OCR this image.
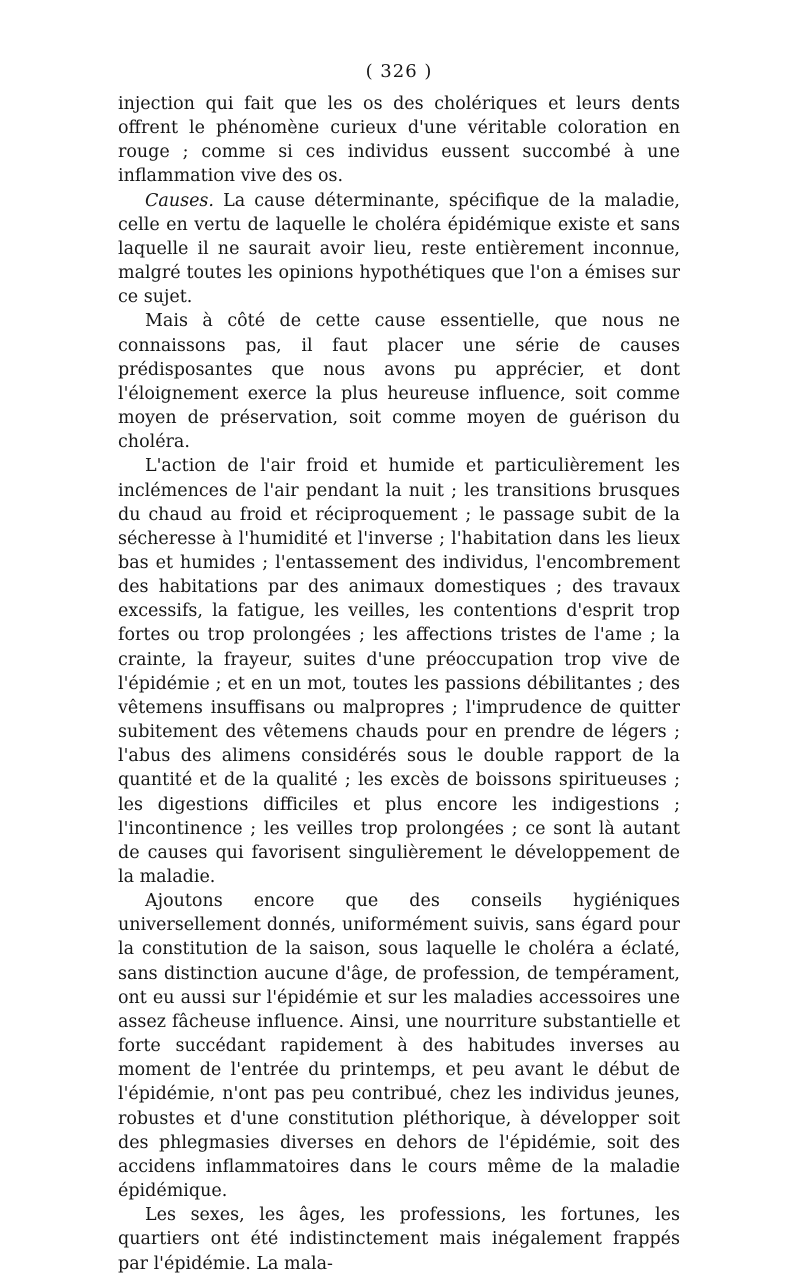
( 326 )

injection qui fait que les os des cholériques et leurs dents offrent le phénomène curieux d'une véritable coloration en rouge ; comme si ces individus eussent succombé à une inflammation vive des os.

Causes. La cause déterminante, spécifique de la maladie, celle en vertu de laquelle le choléra épidémique existe et sans laquelle il ne saurait avoir lieu, reste entièrement inconnue, malgré toutes les opinions hypothétiques que l'on a émises sur ce sujet.

Mais à côté de cette cause essentielle, que nous ne connaissons pas, il faut placer une série de causes prédisposantes que nous avons pu apprécier, et dont l'éloignement exerce la plus heureuse influence, soit comme moyen de préservation, soit comme moyen de guérison du choléra.

L'action de l'air froid et humide et particulièrement les inclémences de l'air pendant la nuit ; les transitions brusques du chaud au froid et réciproquement ; le passage subit de la sécheresse à l'humidité et l'inverse ; l'habitation dans les lieux bas et humides ; l'entassement des individus, l'encombrement des habitations par des animaux domestiques ; des travaux excessifs, la fatigue, les veilles, les contentions d'esprit trop fortes ou trop prolongées ; les affections tristes de l'ame ; la crainte, la frayeur, suites d'une préoccupation trop vive de l'épidémie ; et en un mot, toutes les passions débilitantes ; des vêtemens insuffisans ou malpropres ; l'imprudence de quitter subitement des vêtemens chauds pour en prendre de légers ; l'abus des alimens considérés sous le double rapport de la quantité et de la qualité ; les excès de boissons spiritueuses ; les digestions difficiles et plus encore les indigestions ; l'incontinence ; les veilles trop prolongées ; ce sont là autant de causes qui favorisent singulièrement le développement de la maladie.

Ajoutons encore que des conseils hygiéniques universellement donnés, uniformément suivis, sans égard pour la constitution de la saison, sous laquelle le choléra a éclaté, sans distinction aucune d'âge, de profession, de tempérament, ont eu aussi sur l'épidémie et sur les maladies accessoires une assez fâcheuse influence. Ainsi, une nourriture substantielle et forte succédant rapidement à des habitudes inverses au moment de l'entrée du printemps, et peu avant le début de l'épidémie, n'ont pas peu contribué, chez les individus jeunes, robustes et d'une constitution pléthorique, à développer soit des phlegmasies diverses en dehors de l'épidémie, soit des accidens inflammatoires dans le cours même de la maladie épidémique.

Les sexes, les âges, les professions, les fortunes, les quartiers ont été indistinctement mais inégalement frappés par l'épidémie. La mala-
